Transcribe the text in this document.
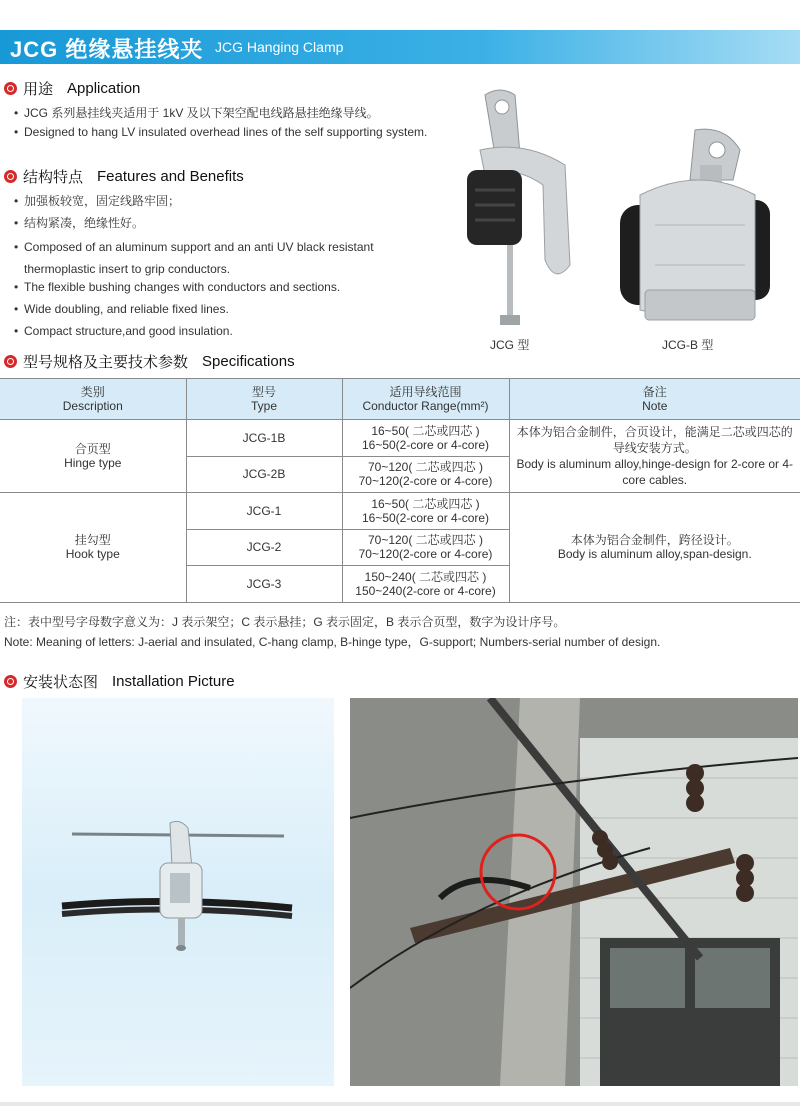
JCG 绝缘悬挂线夹 JCG Hanging Clamp
用途 Application
• JCG 系列悬挂线夹适用于 1kV 及以下架空配电线路悬挂绝缘导线。
• Designed to hang LV insulated overhead lines of the self supporting system.
结构特点 Features and Benefits
• 加强板较宽，固定线路牢固；
• 结构紧凑，绝缘性好。
• Composed of an aluminum support and an anti UV black resistant thermoplastic insert to grip conductors.
• The flexible bushing changes with conductors and sections.
• Wide doubling, and reliable fixed lines.
• Compact structure,and good insulation.
JCG 型	JCG-B 型
型号规格及主要技术参数 Specifications
类别
Description	型号
Type	适用导线范围
Conductor Range(mm²)	备注
Note
合页型
Hinge type	JCG-1B	16~50( 二芯或四芯 )
16~50(2-core or 4-core)	本体为铝合金制件，合页设计，能满足二芯或四芯的导线安装方式。
Body is aluminum alloy,hinge-design for 2-core or 4-core cables.
	JCG-2B	70~120( 二芯或四芯 )
70~120(2-core or 4-core)	
挂勾型
Hook type	JCG-1	16~50( 二芯或四芯 )
16~50(2-core or 4-core)	本体为铝合金制件，跨径设计。
Body is aluminum alloy,span-design.
	JCG-2	70~120( 二芯或四芯 )
70~120(2-core or 4-core)	
	JCG-3	150~240( 二芯或四芯 )
150~240(2-core or 4-core)	
注：表中型号字母数字意义为：J 表示架空；C 表示悬挂；G 表示固定，B 表示合页型，数字为设计序号。
Note: Meaning of letters: J-aerial and insulated, C-hang clamp, B-hinge type，G-support; Numbers-serial number of design.
安装状态图 Installation Picture
